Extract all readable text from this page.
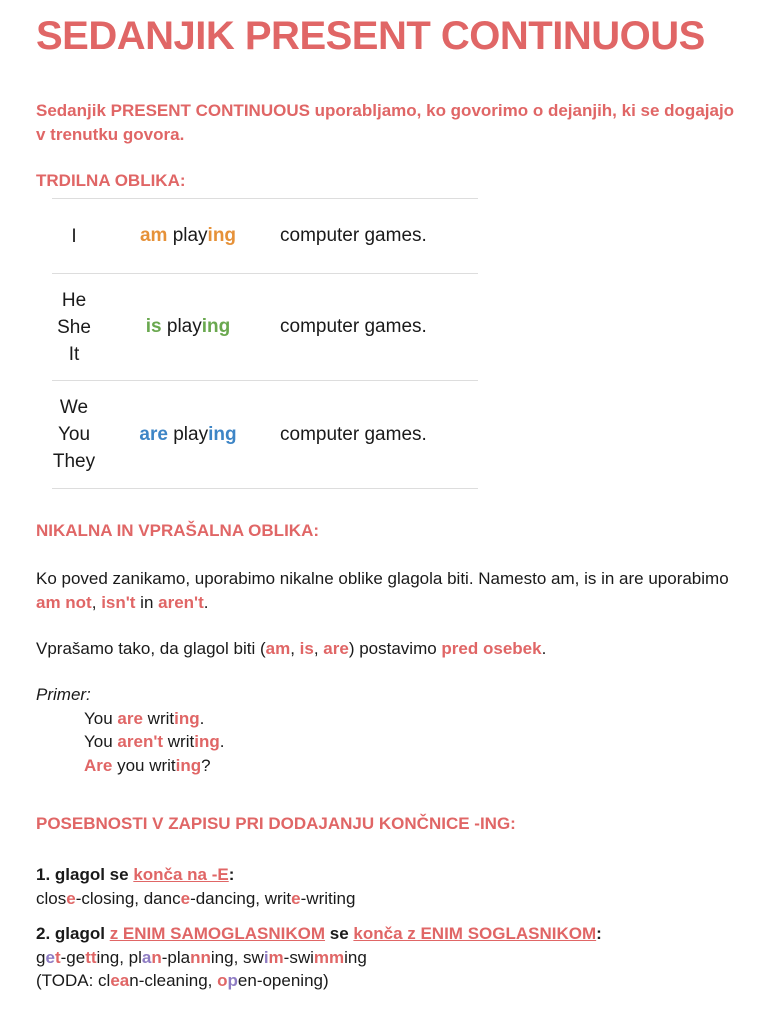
SEDANJIK PRESENT CONTINUOUS
Sedanjik PRESENT CONTINUOUS uporabljamo, ko govorimo o dejanjih, ki se dogajajo v trenutku govora.
TRDILNA OBLIKA:
I	am playing	computer games.
He
She
It
is playing	computer games.
We
You
They
are playing	computer games.
NIKALNA IN VPRAŠALNA OBLIKA:
Ko poved zanikamo, uporabimo nikalne oblike glagola biti. Namesto am, is in are uporabimo am not, isn't in aren't.
Vprašamo tako, da glagol biti (am, is, are) postavimo pred osebek.
Primer:
You are writing.
You aren't writing.
Are you writing?
POSEBNOSTI V ZAPISU PRI DODAJANJU KONČNICE -ING:
1. glagol se konča na -E:
close-closing, dance-dancing, write-writing
2. glagol z ENIM SAMOGLASNIKOM se konča z ENIM SOGLASNIKOM:
get-getting, plan-planning, swim-swimming
(TODA: clean-cleaning, open-opening)
